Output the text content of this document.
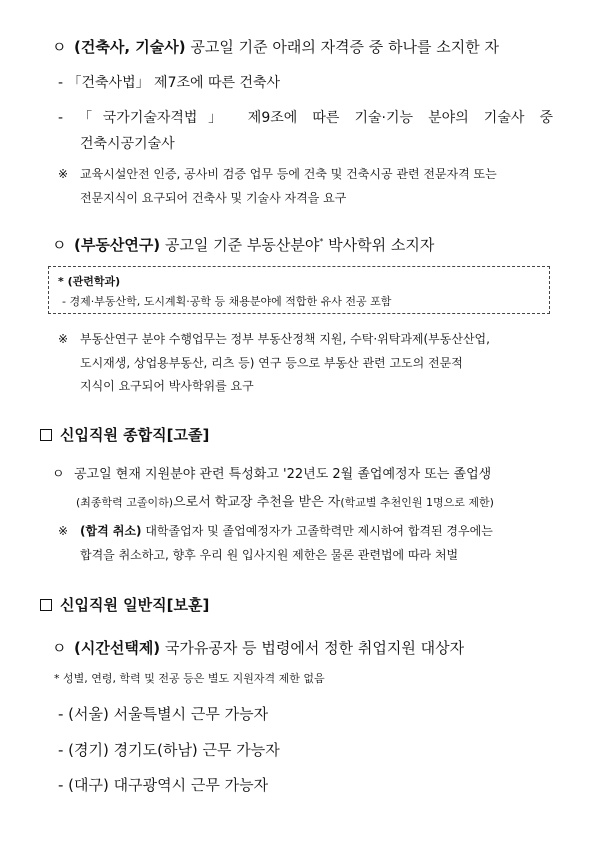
ㅇ (건축사, 기술사) 공고일 기준 아래의 자격증 중 하나를 소지한 자
- 「건축사법」 제7조에 따른 건축사
- 「국가기술자격법」 제9조에 따른 기술·기능 분야의 기술사 중
건축시공기술사
※ 교육시설안전 인증, 공사비 검증 업무 등에 건축 및 건축시공 관련 전문자격 또는
전문지식이 요구되어 건축사 및 기술사 자격을 요구
ㅇ (부동산연구) 공고일 기준 부동산분야* 박사학위 소지자
* (관련학과)
- 경제·부동산학, 도시계획·공학 등 채용분야에 적합한 유사 전공 포함
※ 부동산연구 분야 수행업무는 정부 부동산정책 지원, 수탁·위탁과제(부동산산업,
도시재생, 상업용부동산, 리츠 등) 연구 등으로 부동산 관련 고도의 전문적
지식이 요구되어 박사학위를 요구
신입직원 종합직[고졸]
ㅇ 공고일 현재 지원분야 관련 특성화고 '22년도 2월 졸업예정자 또는 졸업생
(최종학력 고졸이하)으로서 학교장 추천을 받은 자(학교별 추천인원 1명으로 제한)
※ (합격 취소) 대학졸업자 및 졸업예정자가 고졸학력만 제시하여 합격된 경우에는
합격을 취소하고, 향후 우리 원 입사지원 제한은 물론 관련법에 따라 처벌
신입직원 일반직[보훈]
ㅇ (시간선택제) 국가유공자 등 법령에서 정한 취업지원 대상자
* 성별, 연령, 학력 및 전공 등은 별도 지원자격 제한 없음
- (서울) 서울특별시 근무 가능자
- (경기) 경기도(하남) 근무 가능자
- (대구) 대구광역시 근무 가능자
